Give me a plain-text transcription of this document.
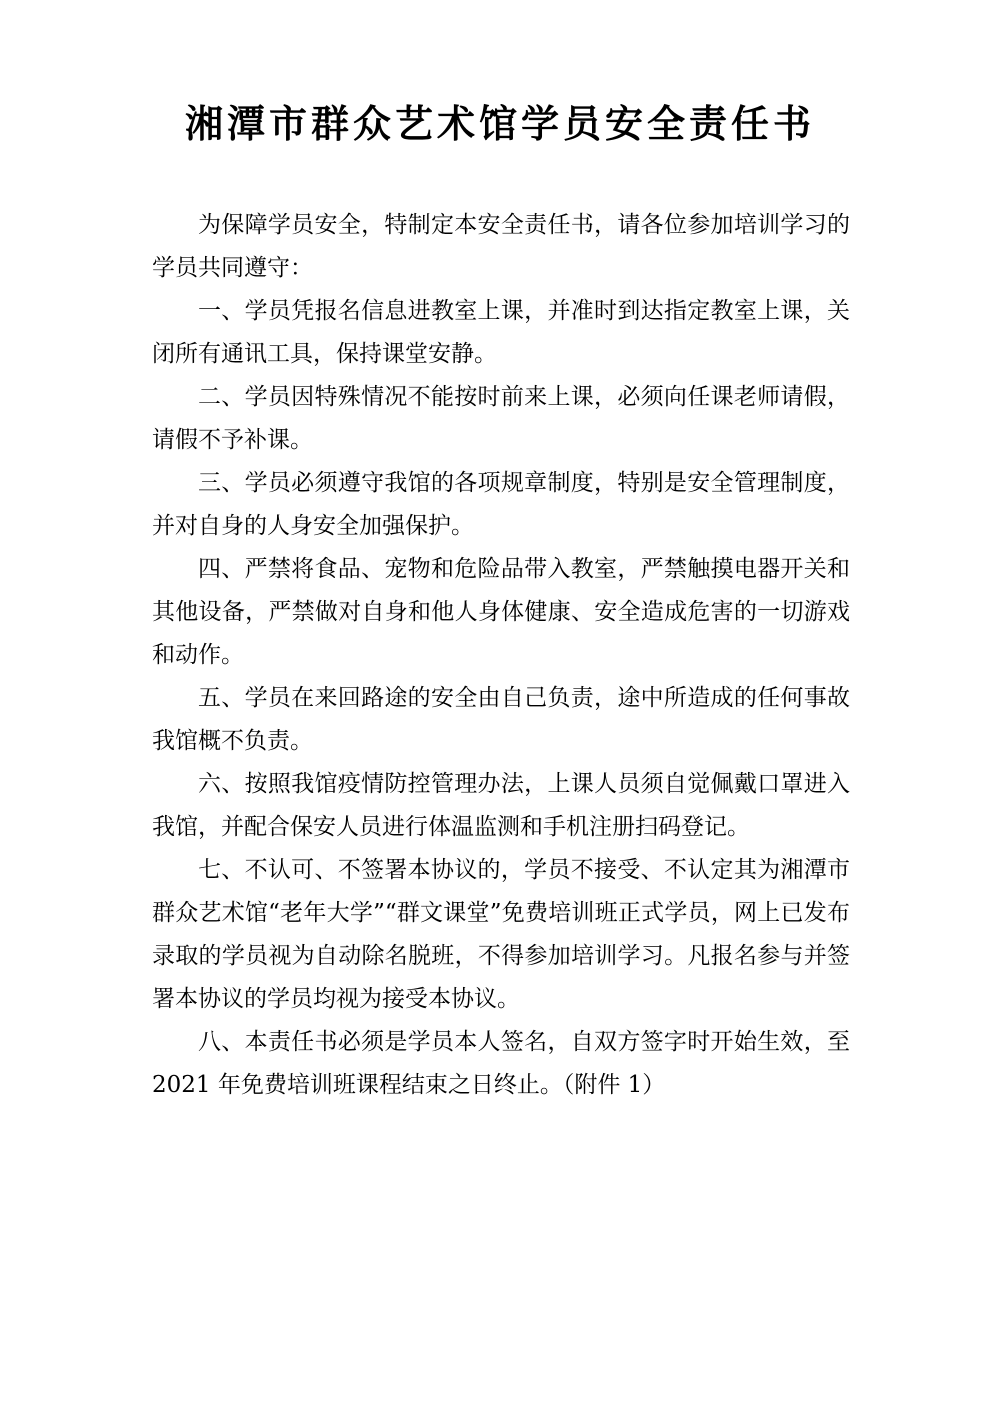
湘潭市群众艺术馆学员安全责任书

为保障学员安全，特制定本安全责任书，请各位参加培训学习的学员共同遵守：

一、学员凭报名信息进教室上课，并准时到达指定教室上课，关闭所有通讯工具，保持课堂安静。

二、学员因特殊情况不能按时前来上课，必须向任课老师请假，请假不予补课。

三、学员必须遵守我馆的各项规章制度，特别是安全管理制度，并对自身的人身安全加强保护。

四、严禁将食品、宠物和危险品带入教室，严禁触摸电器开关和其他设备，严禁做对自身和他人身体健康、安全造成危害的一切游戏和动作。

五、学员在来回路途的安全由自己负责，途中所造成的任何事故我馆概不负责。

六、按照我馆疫情防控管理办法，上课人员须自觉佩戴口罩进入我馆，并配合保安人员进行体温监测和手机注册扫码登记。

七、不认可、不签署本协议的，学员不接受、不认定其为湘潭市群众艺术馆“老年大学”“群文课堂”免费培训班正式学员，网上已发布录取的学员视为自动除名脱班，不得参加培训学习。凡报名参与并签署本协议的学员均视为接受本协议。

八、本责任书必须是学员本人签名，自双方签字时开始生效，至2021 年免费培训班课程结束之日终止。（附件 1）
